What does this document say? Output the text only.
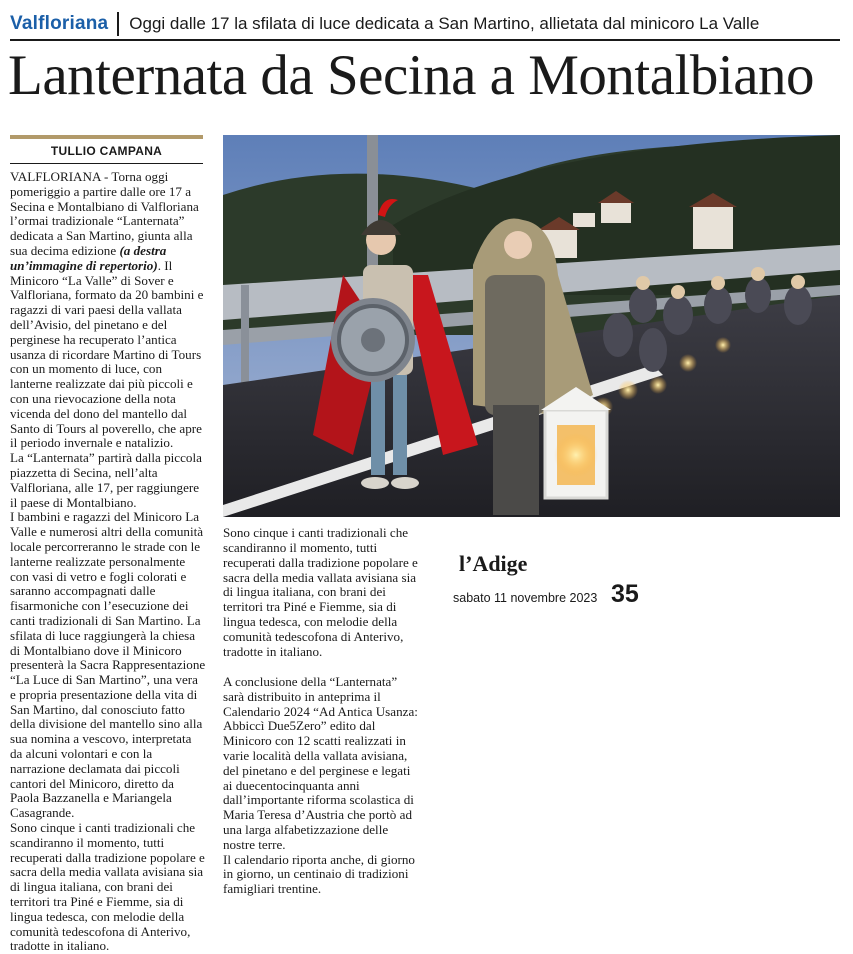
Valfloriana Oggi dalle 17 la sfilata di luce dedicata a San Martino, allietata dal minicoro La Valle
Lanternata da Secina a Montalbiano
TULLIO CAMPANA

VALFLORIANA - Torna oggi pomeriggio a partire dalle ore 17 a Secina e Montalbiano di Valfloriana l’ormai tradizionale “Lanternata” dedicata a San Martino, giunta alla sua decima edizione (a destra un’immagine di repertorio). Il Minicoro “La Valle” di Sover e Valfloriana, formato da 20 bambini e ragazzi di vari paesi della vallata dell’Avisio, del pinetano e del perginese ha recuperato l’antica usanza di ricordare Martino di Tours con un momento di luce, con lanterne realizzate dai più piccoli e con una rievocazione della nota vicenda del dono del mantello dal Santo di Tours al poverello, che apre il periodo invernale e natalizio.

La “Lanternata” partirà dalla piccola piazzetta di Secina, nell’alta Valfloriana, alle 17, per raggiungere il paese di Montalbiano.

I bambini e ragazzi del Minicoro La Valle e numerosi altri della comunità locale percorreranno le strade con le lanterne realizzate personalmente con vasi di vetro e fogli colorati e saranno accompagnati dalle fisarmoniche con l’esecuzione dei canti tradizionali di San Martino. La sfilata di luce raggiungerà la chiesa di Montalbiano dove il Minicoro presenterà la Sacra Rappresentazione “La Luce di San Martino”, una vera e propria presentazione della vita di San Martino, dal conosciuto fatto della divisione del mantello sino alla sua nomina a vescovo, interpretata da alcuni volontari e con la narrazione declamata dai piccoli cantori del Minicoro, diretto da Paola Bazzanella e Mariangela Casagrande.

Sono cinque i canti tradizionali che scandiranno il momento, tutti recuperati dalla tradizione popolare e sacra della media vallata avisiana sia di lingua italiana, con brani dei territori tra Piné e Fiemme, sia di lingua tedesca, con melodie della comunità tedescofona di Anterivo, tradotte in italiano.

Sono cinque i canti tradizionali che scandiranno il momento, tutti recuperati dalla tradizione popolare e sacra della media vallata avisiana sia di lingua italiana, con brani dei territori tra Piné e Fiemme, sia di lingua tedesca, con melodie della comunità tedescofona di Anterivo, tradotte in italiano.

A conclusione della “Lanternata” sarà distribuito in anteprima il Calendario 2024 “Ad Antica Usanza: Abbiccì Due5Zero” edito dal Minicoro con 12 scatti realizzati in varie località della vallata avisiana, del pinetano e del perginese e legati ai duecentocinquanta anni dall’importante riforma scolastica di Maria Teresa d’Austria che portò ad una larga alfabetizzazione delle nostre terre.

Il calendario riporta anche, di giorno in giorno, un centinaio di tradizioni famigliari trentine.

l’Adige
sabato 11 novembre 2023 35
